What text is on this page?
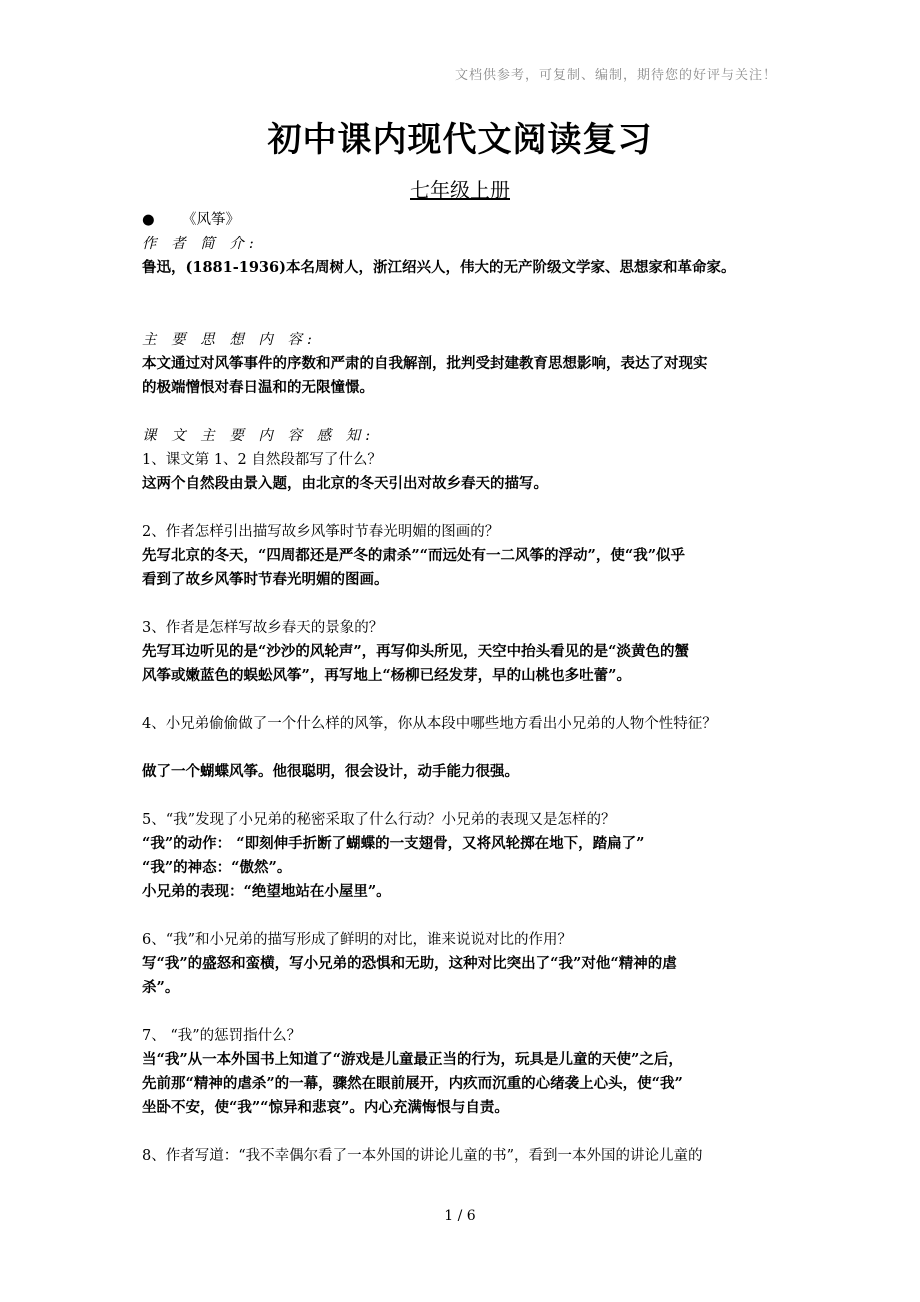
文档供参考，可复制、编制，期待您的好评与关注！
初中课内现代文阅读复习
七年级上册
● 《风筝》
作 者 简 介:
鲁迅，(1881-1936)本名周树人，浙江绍兴人，伟大的无产阶级文学家、思想家和革命家。
主 要 思 想 内 容:
本文通过对风筝事件的序数和严肃的自我解剖，批判受封建教育思想影响，表达了对现实
的极端憎恨对春日温和的无限憧憬。
课 文 主 要 内 容 感 知:
1、课文第 1、2 自然段都写了什么？
这两个自然段由景入题，由北京的冬天引出对故乡春天的描写。
2、作者怎样引出描写故乡风筝时节春光明媚的图画的？
先写北京的冬天，“四周都还是严冬的肃杀”“而远处有一二风筝的浮动”，使“我”似乎
看到了故乡风筝时节春光明媚的图画。
3、作者是怎样写故乡春天的景象的？
先写耳边听见的是“沙沙的风轮声”，再写仰头所见，天空中抬头看见的是“淡黄色的蟹
风筝或嫩蓝色的蜈蚣风筝”，再写地上“杨柳已经发芽，早的山桃也多吐蕾”。
4、小兄弟偷偷做了一个什么样的风筝，你从本段中哪些地方看出小兄弟的人物个性特征？
做了一个蝴蝶风筝。他很聪明，很会设计，动手能力很强。
5、“我”发现了小兄弟的秘密采取了什么行动？小兄弟的表现又是怎样的？
“我”的动作： “即刻伸手折断了蝴蝶的一支翅骨，又将风轮掷在地下，踏扁了”
“我”的神态：“傲然”。
小兄弟的表现：“绝望地站在小屋里”。
6、“我”和小兄弟的描写形成了鲜明的对比，谁来说说对比的作用？
写“我”的盛怒和蛮横，写小兄弟的恐惧和无助，这种对比突出了“我”对他“精神的虐
杀”。
7、 “我”的惩罚指什么？
当“我”从一本外国书上知道了“游戏是儿童最正当的行为，玩具是儿童的天使”之后，
先前那“精神的虐杀”的一幕，骤然在眼前展开，内疚而沉重的心绪袭上心头，使“我”
坐卧不安，使“我”“惊异和悲哀”。内心充满悔恨与自责。
8、作者写道：“我不幸偶尔看了一本外国的讲论儿童的书”，看到一本外国的讲论儿童的
1 / 6
